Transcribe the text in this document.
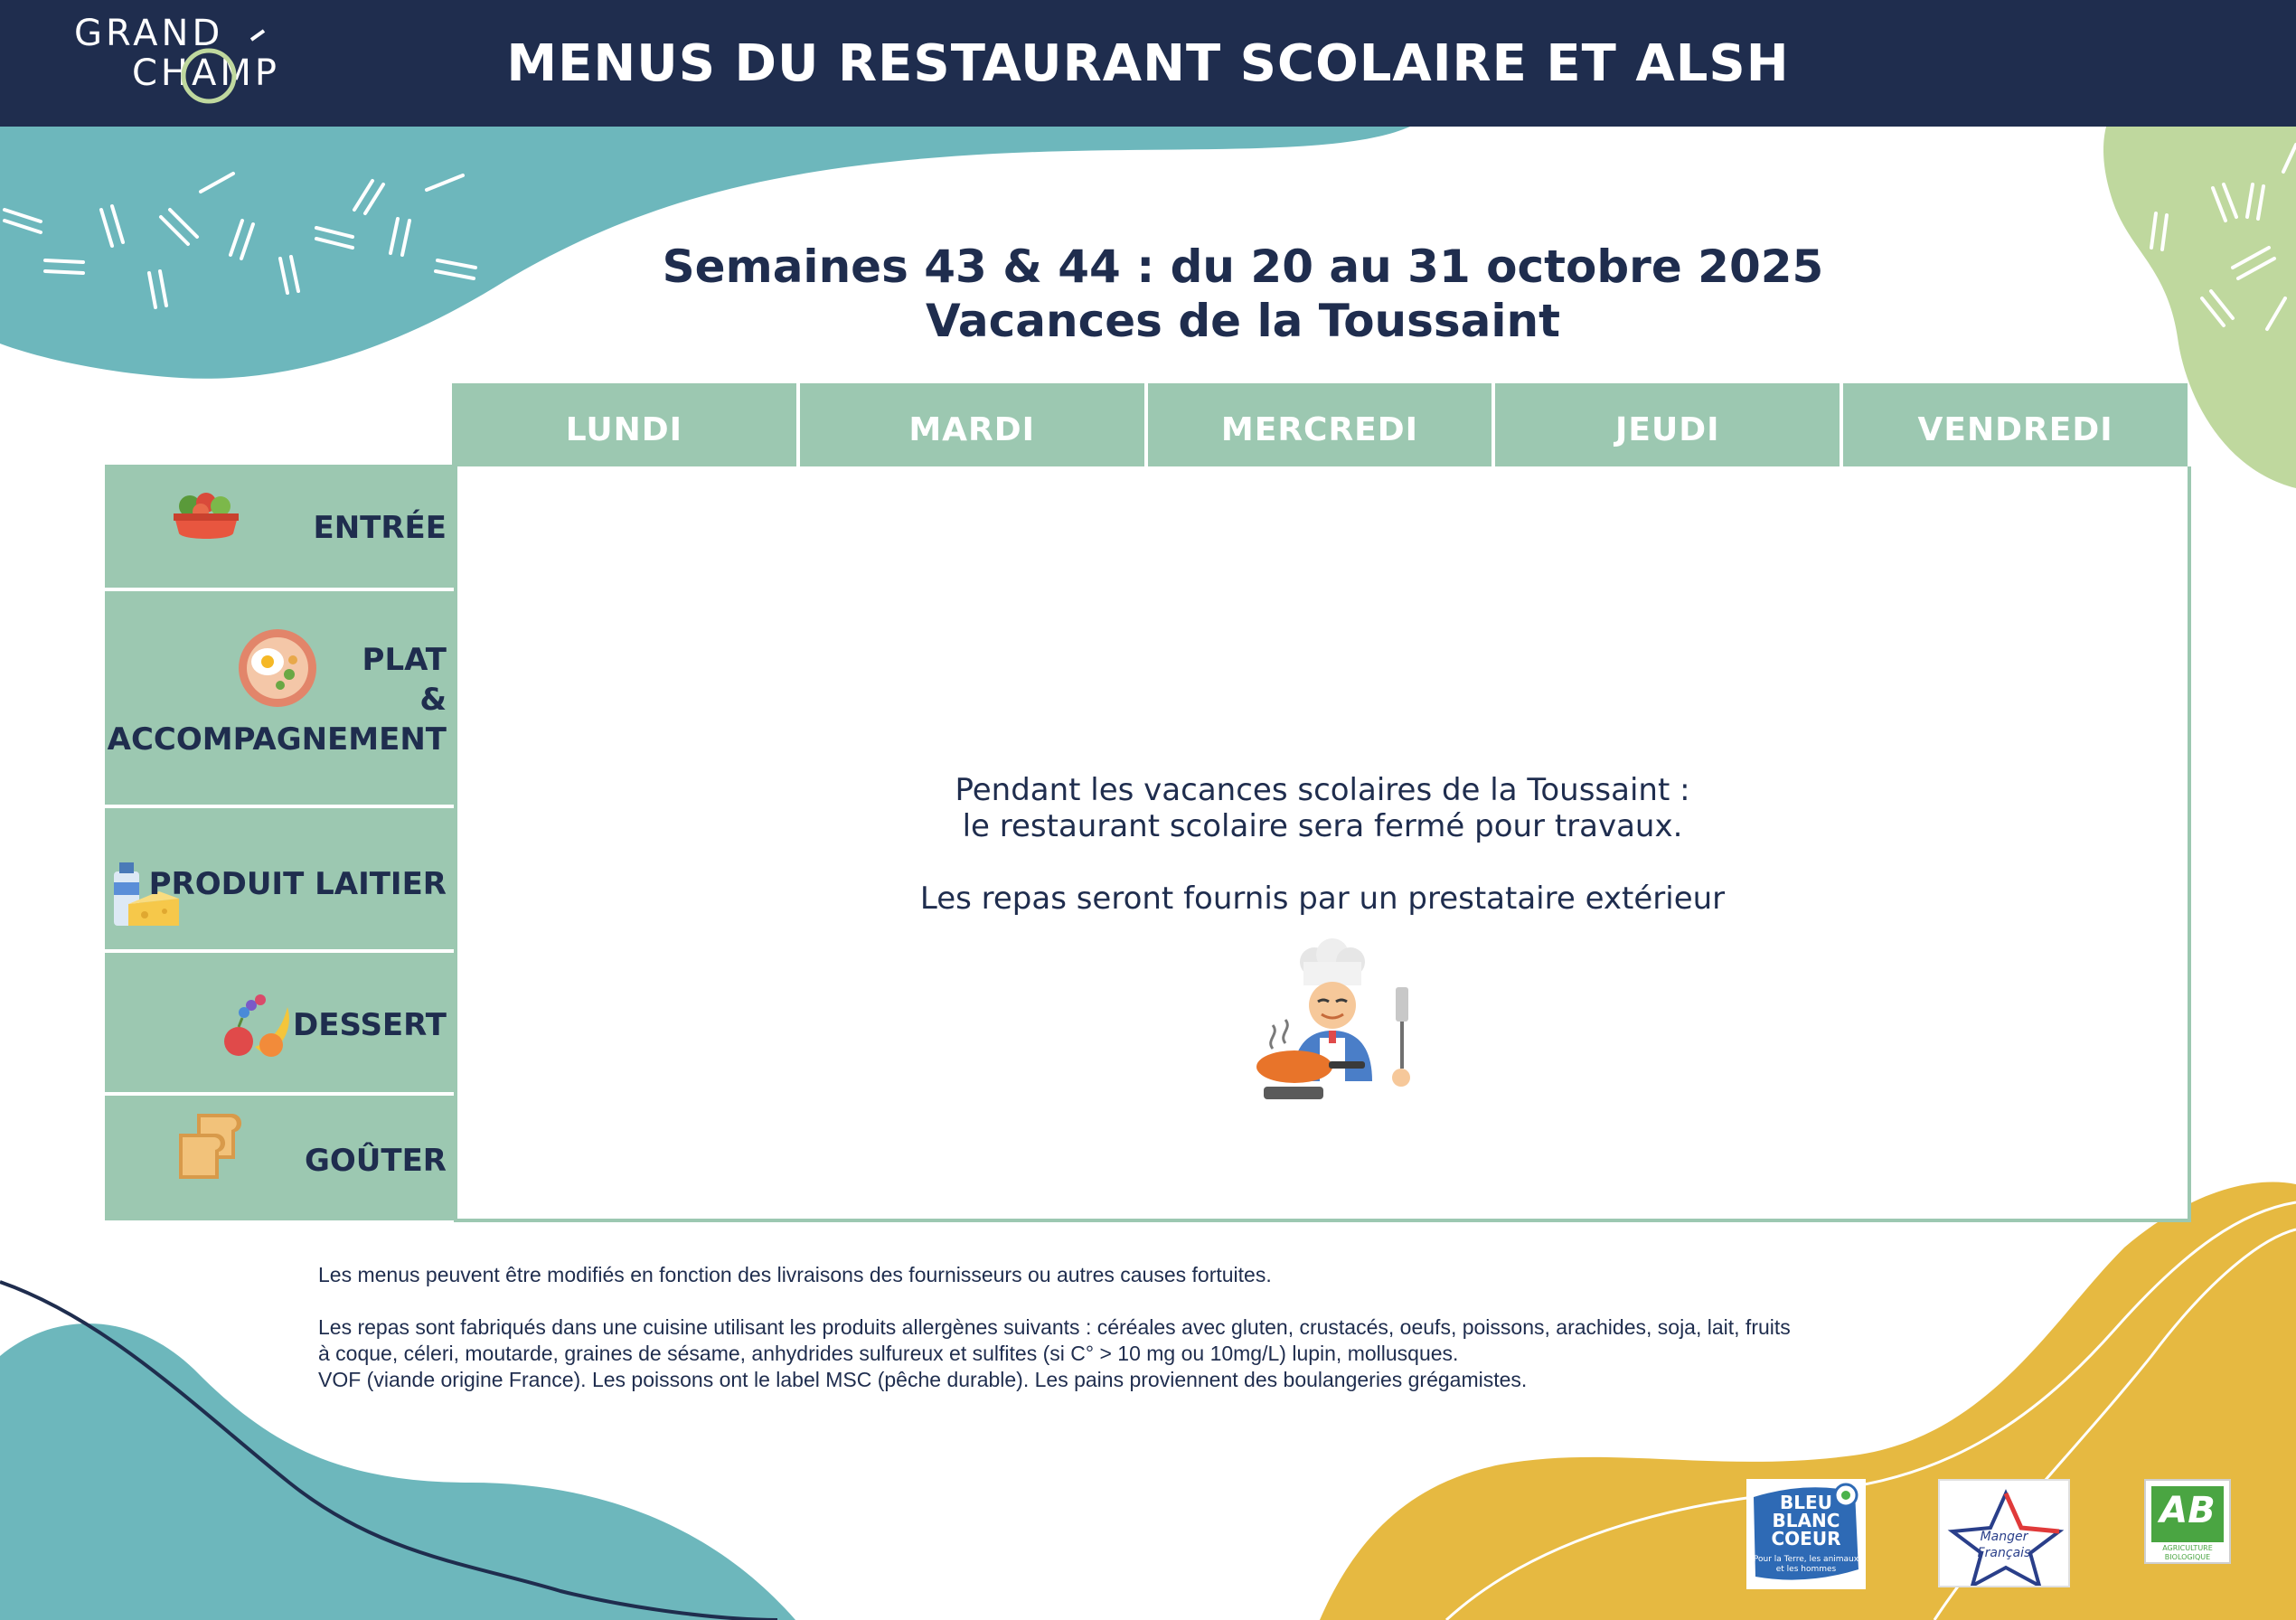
GRAND
CHAMP	MENUS DU RESTAURANT SCOLAIRE ET ALSH
Semaines 43 & 44 : du 20 au 31 octobre 2025
Vacances de la Toussaint
LUNDI	MARDI	MERCREDI	JEUDI	VENDREDI
ENTRÉE
PLAT
&
ACCOMPAGNEMENT
PRODUIT LAITIER
DESSERT
GOÛTER
Pendant les vacances scolaires de la Toussaint :
le restaurant scolaire sera fermé pour travaux.
Les repas seront fournis par un prestataire extérieur
Les menus peuvent être modifiés en fonction des livraisons des fournisseurs ou autres causes fortuites.
Les repas sont fabriqués dans une cuisine utilisant les produits allergènes suivants : céréales avec gluten, crustacés, oeufs, poissons, arachides, soja, lait, fruits
à coque, céleri, moutarde, graines de sésame, anhydrides sulfureux et sulfites (si C° > 10 mg ou 10mg/L) lupin, mollusques.
VOF (viande origine France). Les poissons ont le label MSC (pêche durable). Les pains proviennent des boulangeries grégamistes.
BLEU
BLANC
COEUR
Pour la Terre, les animaux
et les hommes
Manger
Français
AB
AGRICULTURE
BIOLOGIQUE
